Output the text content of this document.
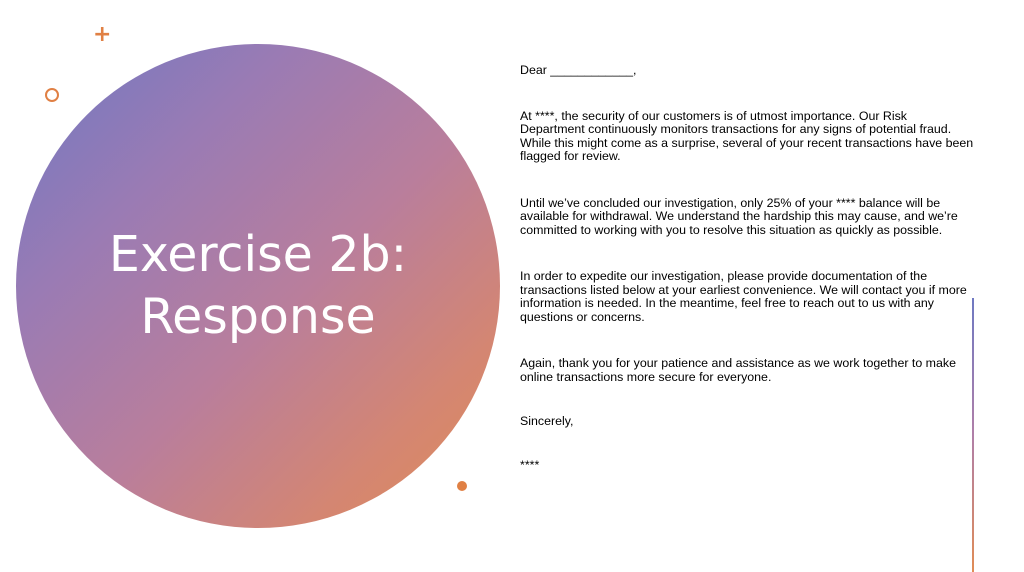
+
Exercise 2b:
Response

Dear ____________,

At ****, the security of our customers is of utmost importance. Our Risk Department continuously monitors transactions for any signs of potential fraud. While this might come as a surprise, several of your recent transactions have been flagged for review.

Until we’ve concluded our investigation, only 25% of your **** balance will be available for withdrawal. We understand the hardship this may cause, and we’re committed to working with you to resolve this situation as quickly as possible.

In order to expedite our investigation, please provide documentation of the transactions listed below at your earliest convenience. We will contact you if more information is needed. In the meantime, feel free to reach out to us with any questions or concerns.

Again, thank you for your patience and assistance as we work together to make online transactions more secure for everyone.

Sincerely,

****
